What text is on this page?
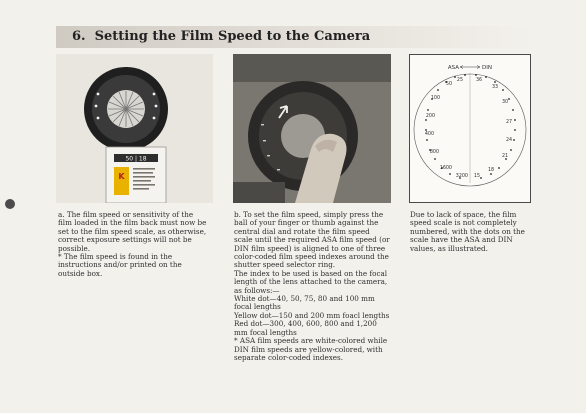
6. Setting the Film Speed to the Camera
50 | 18
K
ASA	DIN
25
50
100
200
400
800
1600
3200 15
18
21
24
27
30
33
36

a. The film speed or sensitivity of the film loaded in the film back must now be set to the film speed scale, as otherwise, correct exposure settings will not be possible.

* The film speed is found in the instructions and/or printed on the outside box.

b. To set the film speed, simply press the ball of your finger or thumb against the central dial and rotate the film speed scale until the required ASA film speed (or DIN film speed) is aligned to one of three color-coded film speed indexes around the shutter speed selector ring.

The index to be used is based on the focal length of the lens attached to the camera, as follows:—

White dot—40, 50, 75, 80 and 100 mm focal lengths

Yellow dot—150 and 200 mm foacl lengths

Red dot—300, 400, 600, 800 and 1,200 mm focal lengths

* ASA film speeds are white-colored while DIN film speeds are yellow-colored, with separate color-coded indexes.

Due to lack of space, the film speed scale is not completely numbered, with the dots on the scale have the ASA and DIN values, as illustrated.
